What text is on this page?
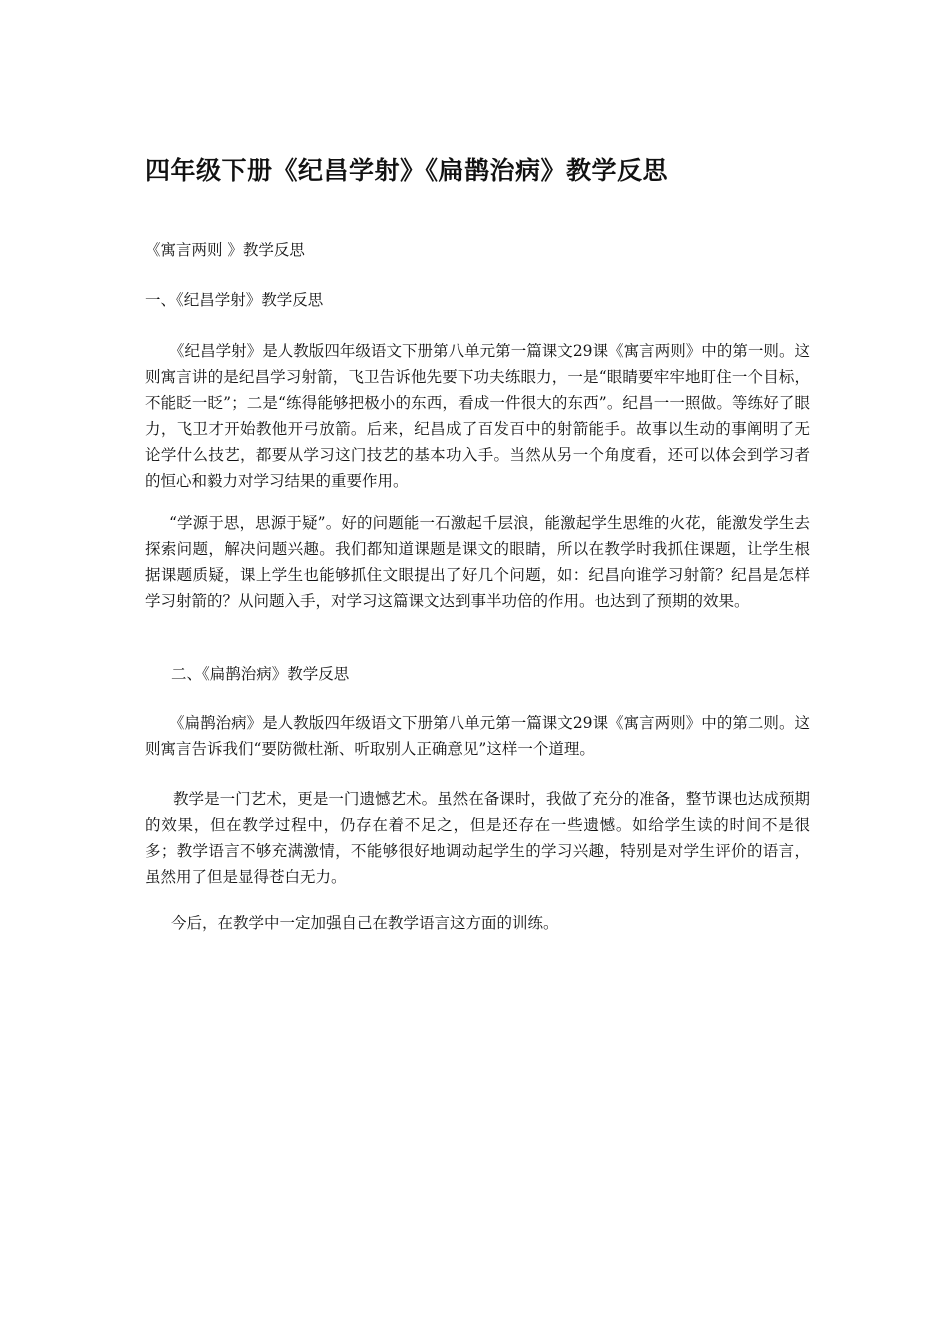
四年级下册《纪昌学射》《扁鹊治病》教学反思

《寓言两则 》教学反思

一、《纪昌学射》教学反思

《纪昌学射》是人教版四年级语文下册第八单元第一篇课文29课《寓言两则》中的第一则。这则寓言讲的是纪昌学习射箭，飞卫告诉他先要下功夫练眼力，一是“眼睛要牢牢地盯住一个目标，不能眨一眨”；二是“练得能够把极小的东西，看成一件很大的东西”。纪昌一一照做。等练好了眼力，飞卫才开始教他开弓放箭。后来，纪昌成了百发百中的射箭能手。故事以生动的事阐明了无论学什么技艺，都要从学习这门技艺的基本功入手。当然从另一个角度看，还可以体会到学习者的恒心和毅力对学习结果的重要作用。

“学源于思，思源于疑”。好的问题能一石激起千层浪，能激起学生思维的火花，能激发学生去探索问题，解决问题兴趣。我们都知道课题是课文的眼睛，所以在教学时我抓住课题，让学生根据课题质疑，课上学生也能够抓住文眼提出了好几个问题，如：纪昌向谁学习射箭？纪昌是怎样学习射箭的？从问题入手，对学习这篇课文达到事半功倍的作用。也达到了预期的效果。

二、《扁鹊治病》教学反思

《扁鹊治病》是人教版四年级语文下册第八单元第一篇课文29课《寓言两则》中的第二则。这则寓言告诉我们“要防微杜渐、听取别人正确意见”这样一个道理。

教学是一门艺术，更是一门遗憾艺术。虽然在备课时，我做了充分的准备，整节课也达成预期的效果，但在教学过程中，仍存在着不足之，但是还存在一些遗憾。如给学生读的时间不是很多；教学语言不够充满激情，不能够很好地调动起学生的学习兴趣，特别是对学生评价的语言，虽然用了但是显得苍白无力。

今后，在教学中一定加强自己在教学语言这方面的训练。
